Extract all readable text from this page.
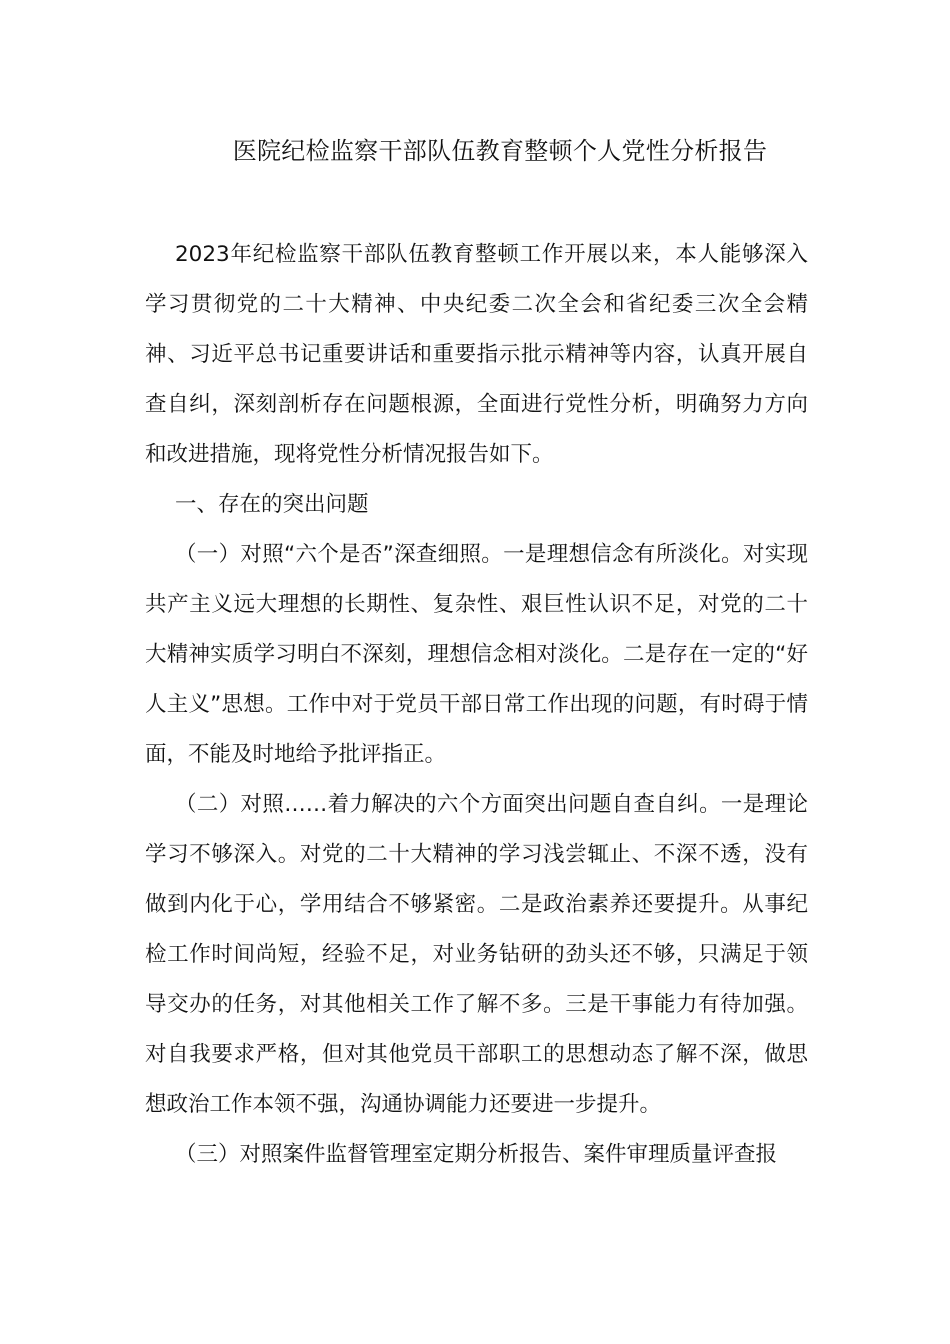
医院纪检监察干部队伍教育整顿个人党性分析报告

2023年纪检监察干部队伍教育整顿工作开展以来，本人能够深入学习贯彻党的二十大精神、中央纪委二次全会和省纪委三次全会精神、习近平总书记重要讲话和重要指示批示精神等内容，认真开展自查自纠，深刻剖析存在问题根源，全面进行党性分析，明确努力方向和改进措施，现将党性分析情况报告如下。

一、存在的突出问题

（一）对照“六个是否”深查细照。一是理想信念有所淡化。对实现共产主义远大理想的长期性、复杂性、艰巨性认识不足，对党的二十大精神实质学习明白不深刻，理想信念相对淡化。二是存在一定的“好人主义”思想。工作中对于党员干部日常工作出现的问题，有时碍于情面，不能及时地给予批评指正。

（二）对照……着力解决的六个方面突出问题自查自纠。一是理论学习不够深入。对党的二十大精神的学习浅尝辄止、不深不透，没有做到内化于心，学用结合不够紧密。二是政治素养还要提升。从事纪检工作时间尚短，经验不足，对业务钻研的劲头还不够，只满足于领导交办的任务，对其他相关工作了解不多。三是干事能力有待加强。对自我要求严格，但对其他党员干部职工的思想动态了解不深，做思想政治工作本领不强，沟通协调能力还要进一步提升。

（三）对照案件监督管理室定期分析报告、案件审理质量评查报
